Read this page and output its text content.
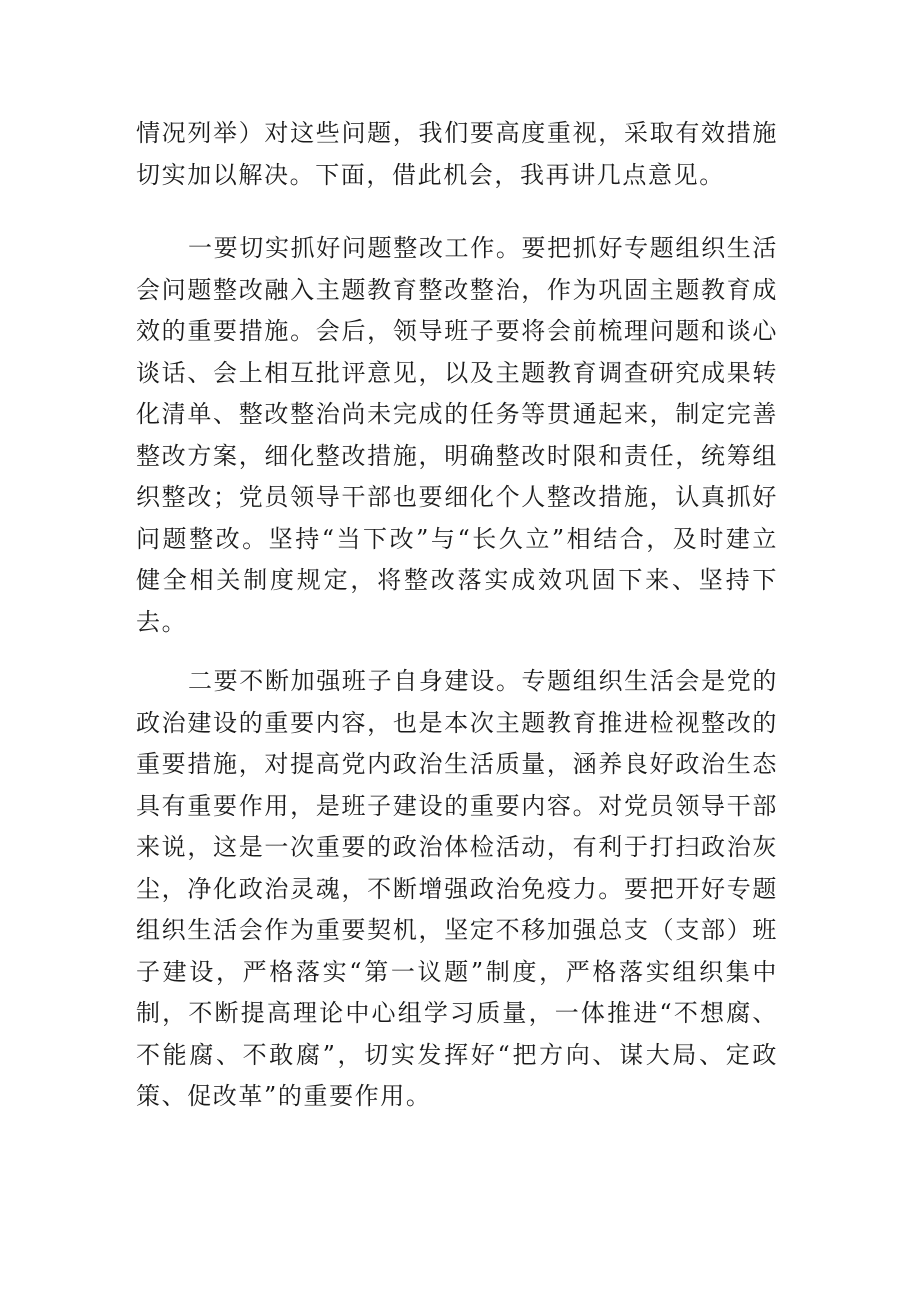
情况列举）对这些问题，我们要高度重视，采取有效措施切实加以解决。下面，借此机会，我再讲几点意见。

一要切实抓好问题整改工作。要把抓好专题组织生活会问题整改融入主题教育整改整治，作为巩固主题教育成效的重要措施。会后，领导班子要将会前梳理问题和谈心谈话、会上相互批评意见，以及主题教育调查研究成果转化清单、整改整治尚未完成的任务等贯通起来，制定完善整改方案，细化整改措施，明确整改时限和责任，统筹组织整改；党员领导干部也要细化个人整改措施，认真抓好问题整改。坚持“当下改”与“长久立”相结合，及时建立健全相关制度规定，将整改落实成效巩固下来、坚持下去。

二要不断加强班子自身建设。专题组织生活会是党的政治建设的重要内容，也是本次主题教育推进检视整改的重要措施，对提高党内政治生活质量，涵养良好政治生态具有重要作用，是班子建设的重要内容。对党员领导干部来说，这是一次重要的政治体检活动，有利于打扫政治灰尘，净化政治灵魂，不断增强政治免疫力。要把开好专题组织生活会作为重要契机，坚定不移加强总支（支部）班子建设，严格落实“第一议题”制度，严格落实组织集中制，不断提高理论中心组学习质量，一体推进“不想腐、不能腐、不敢腐”，切实发挥好“把方向、谋大局、定政策、促改革”的重要作用。
